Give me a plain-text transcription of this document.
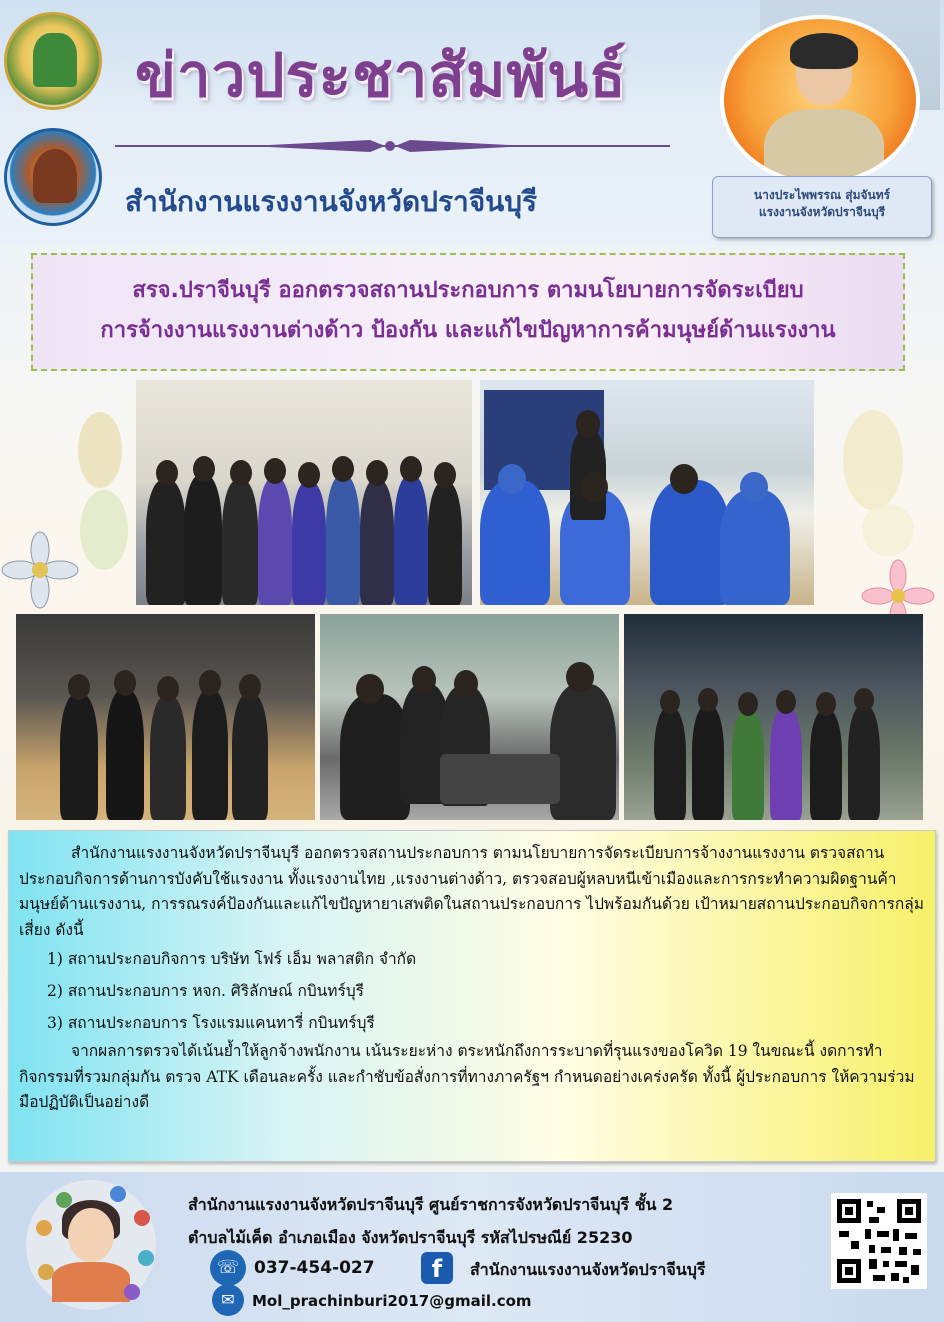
ข่าวประชาสัมพันธ์
สำนักงานแรงงานจังหวัดปราจีนบุรี	นางประไพพรรณ สุ่มจันทร์
แรงงานจังหวัดปราจีนบุรี
สรจ.ปราจีนบุรี ออกตรวจสถานประกอบการ ตามนโยบายการจัดระเบียบ
การจ้างงานแรงงานต่างด้าว ป้องกัน และแก้ไขปัญหาการค้ามนุษย์ด้านแรงงาน

สำนักงานแรงงานจังหวัดปราจีนบุรี ออกตรวจสถานประกอบการ ตามนโยบายการจัดระเบียบการจ้างงานแรงงาน ตรวจสถานประกอบกิจการด้านการบังคับใช้แรงงาน ทั้งแรงงานไทย ,แรงงานต่างด้าว, ตรวจสอบผู้หลบหนีเข้าเมืองและการกระทำความผิดฐานค้ามนุษย์ด้านแรงงาน, การรณรงค์ป้องกันและแก้ไขปัญหายาเสพติดในสถานประกอบการ ไปพร้อมกันด้วย เป้าหมายสถานประกอบกิจการกลุ่มเสี่ยง ดังนี้

1) สถานประกอบกิจการ บริษัท โฟร์ เอ็ม พลาสติก จำกัด

2) สถานประกอบการ หจก. ศิริลักษณ์ กบินทร์บุรี

3) สถานประกอบการ โรงแรมแคนทารี่ กบินทร์บุรี

จากผลการตรวจได้เน้นย้ำให้ลูกจ้างพนักงาน เน้นระยะห่าง ตระหนักถึงการระบาดที่รุนแรงของโควิด 19 ในขณะนี้ งดการทำกิจกรรมที่รวมกลุ่มกัน ตรวจ ATK เดือนละครั้ง และกำชับข้อสั่งการที่ทางภาครัฐฯ กำหนดอย่างเคร่งครัด ทั้งนี้ ผู้ประกอบการ ให้ความร่วมมือปฏิบัติเป็นอย่างดี

สำนักงานแรงงานจังหวัดปราจีนบุรี ศูนย์ราชการจังหวัดปราจีนบุรี ชั้น 2
ตำบลไม้เค็ด อำเภอเมือง จังหวัดปราจีนบุรี รหัสไปรษณีย์ 25230
☏ 037-454-027	f	สำนักงานแรงงานจังหวัดปราจีนบุรี
✉	Mol_prachinburi2017@gmail.com
